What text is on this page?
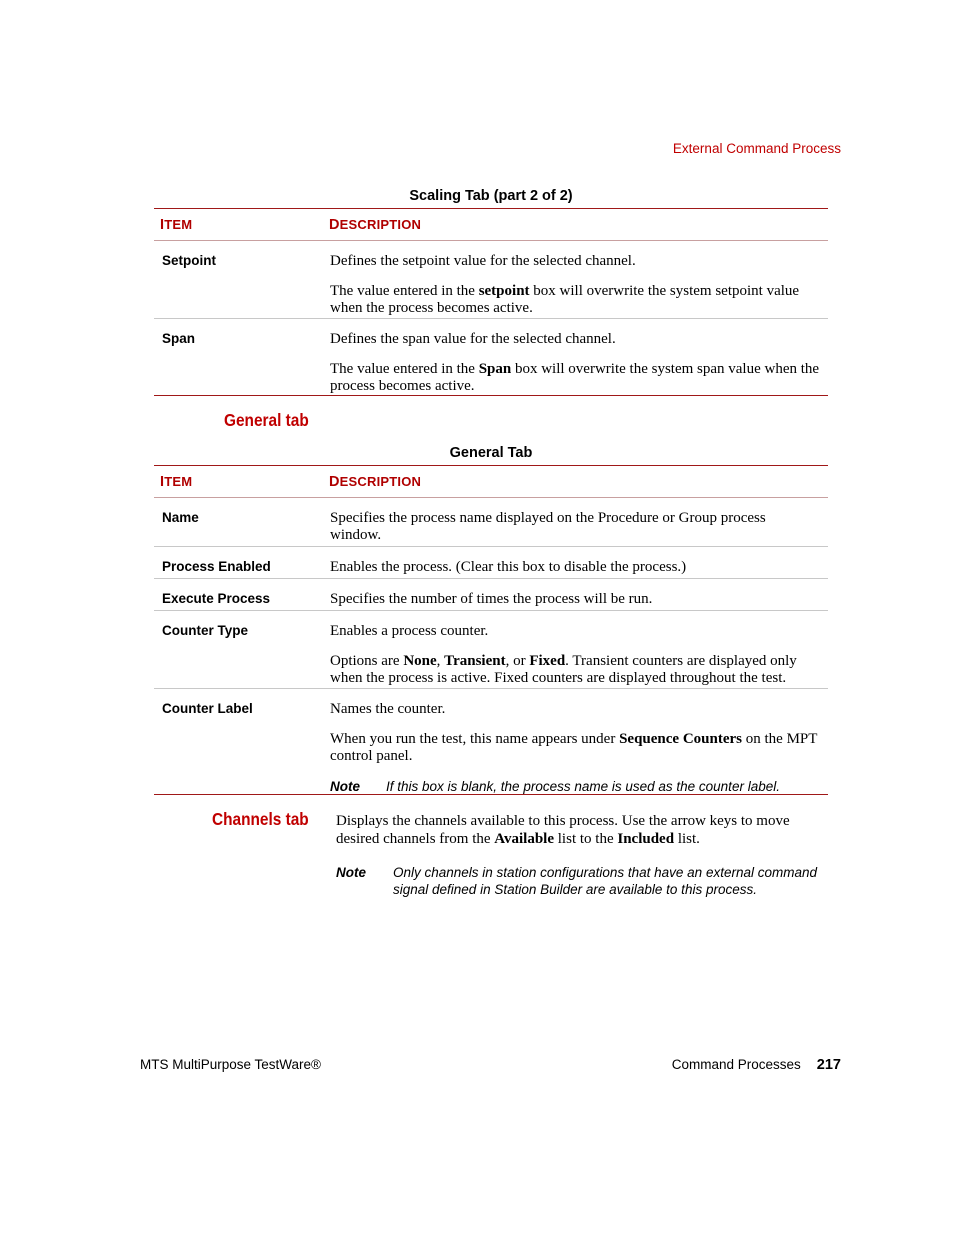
External Command Process
Scaling Tab (part 2 of 2)
ITEM	DESCRIPTION
Setpoint	Defines the setpoint value for the selected channel.

The value entered in the setpoint box will overwrite the system setpoint value when the process becomes active.

Span	Defines the span value for the selected channel.

The value entered in the Span box will overwrite the system span value when the process becomes active.

General tab
General Tab
ITEM	DESCRIPTION
Name	Specifies the process name displayed on the Procedure or Group process window.

Process Enabled	Enables the process. (Clear this box to disable the process.)

Execute Process	Specifies the number of times the process will be run.

Counter Type	Enables a process counter.

Options are None, Transient, or Fixed. Transient counters are displayed only when the process is active. Fixed counters are displayed throughout the test.

Counter Label	Names the counter.

When you run the test, this name appears under Sequence Counters on the MPT control panel.

Note	If this box is blank, the process name is used as the counter label.
Channels tab Displays the channels available to this process. Use the arrow keys to move desired channels from the Available list to the Included list.
Note	Only channels in station configurations that have an external command signal defined in Station Builder are available to this process.
MTS MultiPurpose TestWare®	Command Processes 217
